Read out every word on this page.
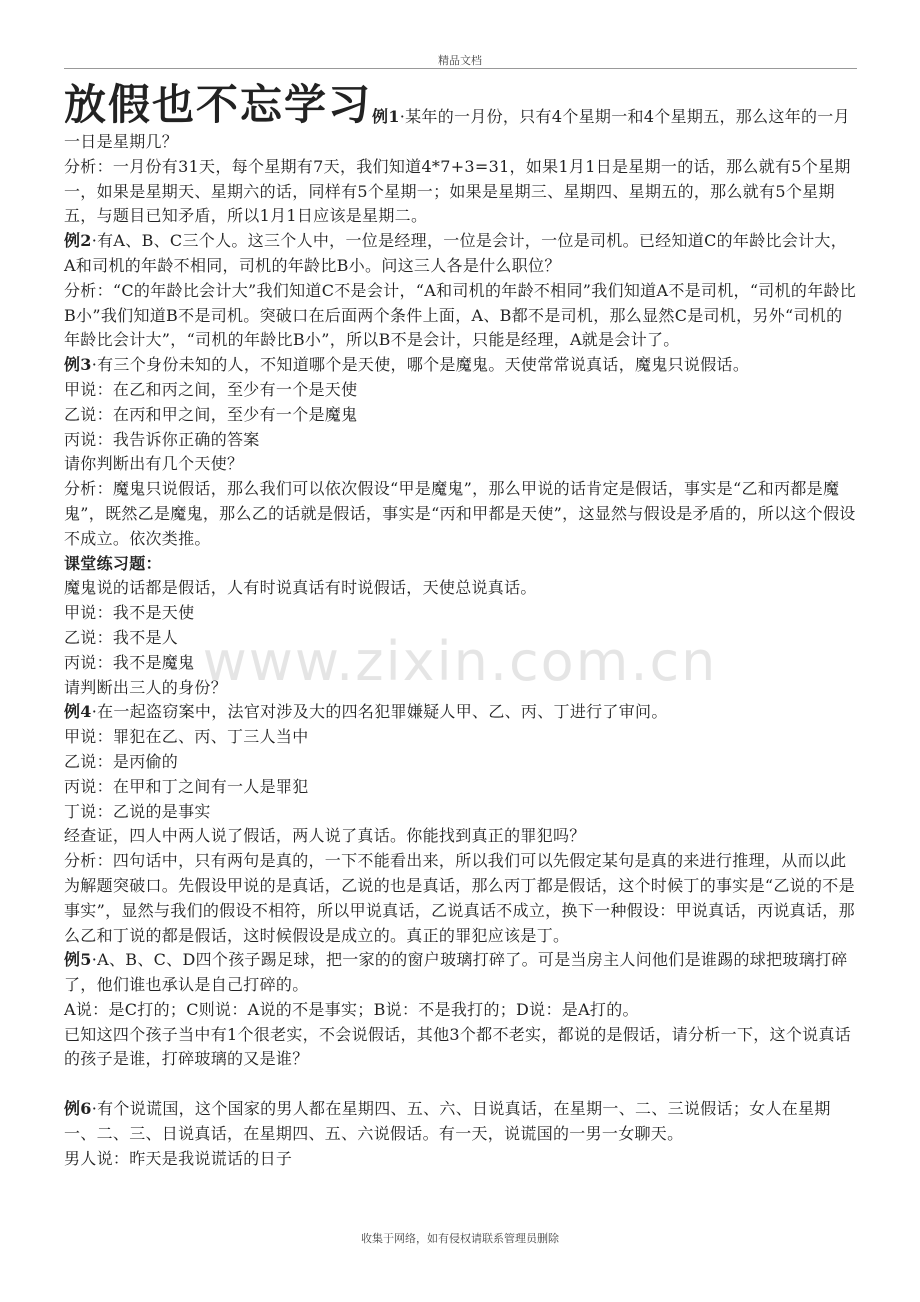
精品文档
www.zixin.com.cn
放假也不忘学习例1·某年的一月份，只有4个星期一和4个星期五，那么这年的一月一日是星期几？
分析：一月份有31天，每个星期有7天，我们知道4*7+3=31，如果1月1日是星期一的话，那么就有5个星期一，如果是星期天、星期六的话，同样有5个星期一；如果是星期三、星期四、星期五的，那么就有5个星期五，与题目已知矛盾，所以1月1日应该是星期二。
例2·有A、B、C三个人。这三个人中，一位是经理，一位是会计，一位是司机。已经知道C的年龄比会计大，A和司机的年龄不相同，司机的年龄比B小。问这三人各是什么职位？
分析：“C的年龄比会计大”我们知道C不是会计，“A和司机的年龄不相同”我们知道A不是司机，“司机的年龄比B小”我们知道B不是司机。突破口在后面两个条件上面，A、B都不是司机，那么显然C是司机，另外“司机的年龄比会计大”，“司机的年龄比B小”，所以B不是会计，只能是经理，A就是会计了。
例3·有三个身份未知的人，不知道哪个是天使，哪个是魔鬼。天使常常说真话，魔鬼只说假话。
甲说：在乙和丙之间，至少有一个是天使
乙说：在丙和甲之间，至少有一个是魔鬼
丙说：我告诉你正确的答案
请你判断出有几个天使？
分析：魔鬼只说假话，那么我们可以依次假设“甲是魔鬼”，那么甲说的话肯定是假话，事实是“乙和丙都是魔鬼”，既然乙是魔鬼，那么乙的话就是假话，事实是“丙和甲都是天使”，这显然与假设是矛盾的，所以这个假设不成立。依次类推。
课堂练习题：
魔鬼说的话都是假话，人有时说真话有时说假话，天使总说真话。
甲说：我不是天使
乙说：我不是人
丙说：我不是魔鬼
请判断出三人的身份？
例4·在一起盗窃案中，法官对涉及大的四名犯罪嫌疑人甲、乙、丙、丁进行了审问。
甲说：罪犯在乙、丙、丁三人当中
乙说：是丙偷的
丙说：在甲和丁之间有一人是罪犯
丁说：乙说的是事实
经查证，四人中两人说了假话，两人说了真话。你能找到真正的罪犯吗？
分析：四句话中，只有两句是真的，一下不能看出来，所以我们可以先假定某句是真的来进行推理，从而以此为解题突破口。先假设甲说的是真话，乙说的也是真话，那么丙丁都是假话，这个时候丁的事实是“乙说的不是事实”，显然与我们的假设不相符，所以甲说真话，乙说真话不成立，换下一种假设：甲说真话，丙说真话，那么乙和丁说的都是假话，这时候假设是成立的。真正的罪犯应该是丁。
例5·A、B、C、D四个孩子踢足球，把一家的的窗户玻璃打碎了。可是当房主人问他们是谁踢的球把玻璃打碎了，他们谁也承认是自己打碎的。
A说：是C打的；C则说：A说的不是事实；B说：不是我打的；D说：是A打的。
已知这四个孩子当中有1个很老实，不会说假话，其他3个都不老实，都说的是假话，请分析一下，这个说真话的孩子是谁，打碎玻璃的又是谁？
例6·有个说谎国，这个国家的男人都在星期四、五、六、日说真话，在星期一、二、三说假话；女人在星期一、二、三、日说真话，在星期四、五、六说假话。有一天，说谎国的一男一女聊天。
男人说：昨天是我说谎话的日子
收集于网络，如有侵权请联系管理员删除
